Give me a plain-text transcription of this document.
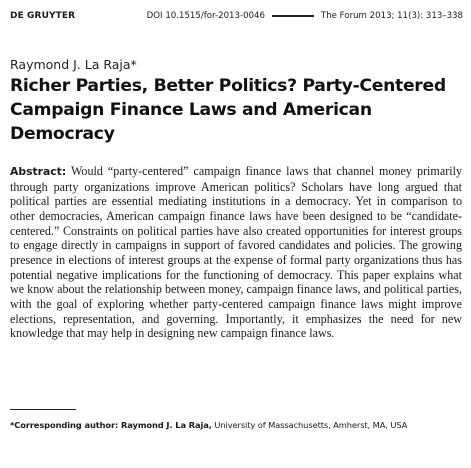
DE GRUYTER	DOI 10.1515/for-2013-0046	The Forum 2013; 11(3): 313–338
Raymond J. La Raja*
Richer Parties, Better Politics? Party-Centered Campaign Finance Laws and American Democracy

Abstract: Would “party-centered” campaign finance laws that channel money primarily through party organizations improve American politics? Scholars have long argued that political parties are essential mediating institutions in a democracy. Yet in comparison to other democracies, American campaign finance laws have been designed to be “candidate-centered.” Constraints on political parties have also created opportunities for interest groups to engage directly in campaigns in support of favored candidates and policies. The growing presence in elections of interest groups at the expense of formal party organizations thus has potential negative implications for the functioning of democracy. This paper explains what we know about the relationship between money, campaign finance laws, and political parties, with the goal of exploring whether party-centered campaign finance laws might improve elections, representation, and governing. Importantly, it emphasizes the need for new knowledge that may help in designing new campaign finance laws.

*Corresponding author: Raymond J. La Raja, University of Massachusetts, Amherst, MA, USA
